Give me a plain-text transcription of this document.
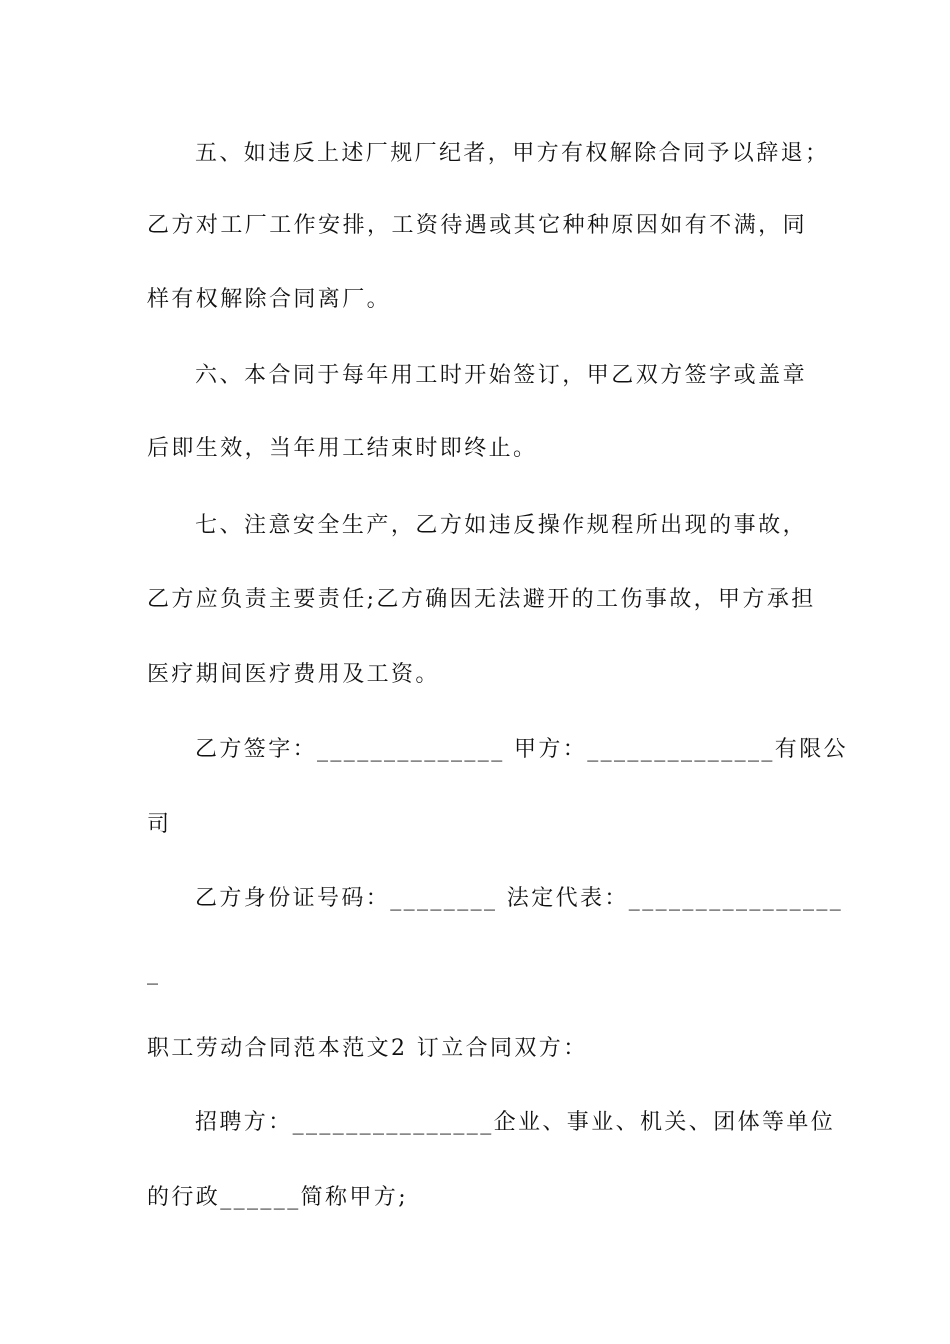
五、如违反上述厂规厂纪者，甲方有权解除合同予以辞退；
乙方对工厂工作安排，工资待遇或其它种种原因如有不满，同
样有权解除合同离厂。
六、本合同于每年用工时开始签订，甲乙双方签字或盖章
后即生效，当年用工结束时即终止。
七、注意安全生产，乙方如违反操作规程所出现的事故，
乙方应负责主要责任;乙方确因无法避开的工伤事故，甲方承担
医疗期间医疗费用及工资。
乙方签字：______________ 甲方：______________有限公
司
乙方身份证号码：________ 法定代表：________________
_
职工劳动合同范本范文2 订立合同双方：
招聘方：_______________企业、事业、机关、团体等单位
的行政______简称甲方;
